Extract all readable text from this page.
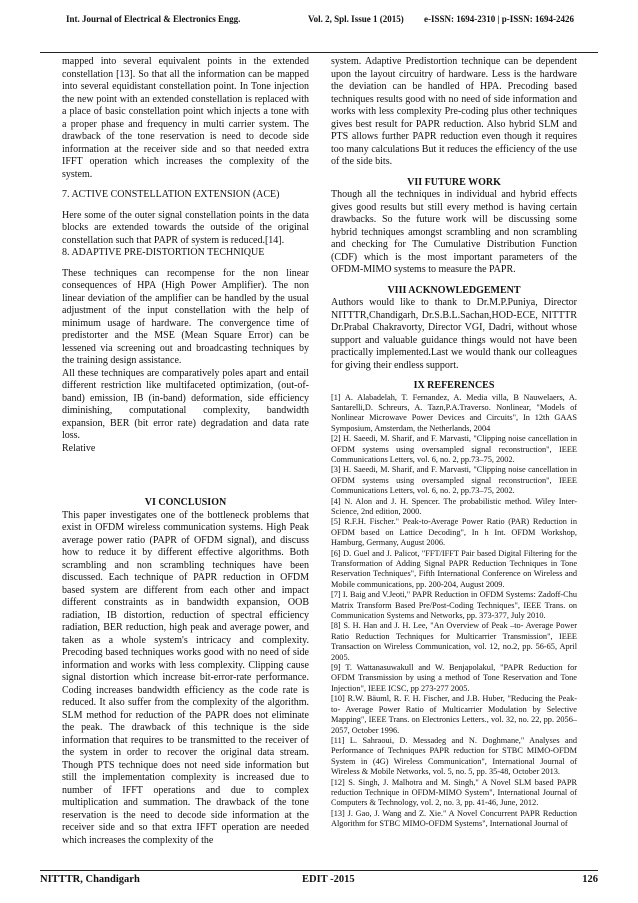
Int. Journal of Electrical & Electronics Engg.	Vol. 2, Spl. Issue 1 (2015) e-ISSN: 1694-2310 | p-ISSN: 1694-2426

mapped into several equivalent points in the extended constellation [13]. So that all the information can be mapped into several equidistant constellation point. In Tone injection the new point with an extended constellation is replaced with a place of basic constellation point which injects a tone with a proper phase and frequency in multi carrier system. The drawback of the tone reservation is need to decode side information at the receiver side and so that needed extra IFFT operation which increases the complexity of the system.

7. ACTIVE CONSTELLATION EXTENSION (ACE)

Here some of the outer signal constellation points in the data blocks are extended towards the outside of the original constellation such that PAPR of system is reduced.[14].

8. ADAPTIVE PRE-DISTORTION TECHNIQUE

These techniques can recompense for the non linear consequences of HPA (High Power Amplifier). The non linear deviation of the amplifier can be handled by the usual adjustment of the input constellation with the help of minimum usage of hardware. The convergence time of predistorter and the MSE (Mean Square Error) can be lessened via screening out and broadcasting techniques by the training design assistance.

All these techniques are comparatively poles apart and entail different restriction like multifaceted optimization, (out-of-band) emission, IB (in-band) deformation, side efficiency diminishing, computational complexity, bandwidth expansion, BER (bit error rate) degradation and data rate loss.

Relative

VI CONCLUSION

This paper investigates one of the bottleneck problems that exist in OFDM wireless communication systems. High Peak average power ratio (PAPR of OFDM signal), and discuss how to reduce it by different effective algorithms. Both scrambling and non scrambling techniques have been discussed. Each technique of PAPR reduction in OFDM based system are different from each other and impact different constraints as in bandwidth expansion, OOB radiation, IB distortion, reduction of spectral efficiency radiation, BER reduction, high peak and average power, and taken as a whole system's intricacy and complexity. Precoding based techniques works good with no need of side information and works with less complexity. Clipping cause signal distortion which increase bit-error-rate performance. Coding increases bandwidth efficiency as the code rate is reduced. It also suffer from the complexity of the algorithm. SLM method for reduction of the PAPR does not eliminate the peak. The drawback of this technique is the side information that requires to be transmitted to the receiver of the system in order to recover the original data stream. Though PTS technique does not need side information but still the implementation complexity is increased due to number of IFFT operations and due to complex multiplication and summation. The drawback of the tone reservation is the need to decode side information at the receiver side and so that extra IFFT operation are needed which increases the complexity of the

system. Adaptive Predistortion technique can be dependent upon the layout circuitry of hardware. Less is the hardware the deviation can be handled of HPA. Precoding based techniques results good with no need of side information and works with less complexity Pre-coding plus other techniques gives best result for PAPR reduction. Also hybrid SLM and PTS allows further PAPR reduction even though it requires too many calculations But it reduces the efficiency of the use of the side bits.

VII FUTURE WORK

Though all the techniques in individual and hybrid effects gives good results but still every method is having certain drawbacks. So the future work will be discussing some hybrid techniques amongst scrambling and non scrambling and checking for The Cumulative Distribution Function (CDF) which is the most important parameters of the OFDM-MIMO systems to measure the PAPR.

VIII ACKNOWLEDGEMENT

Authors would like to thank to Dr.M.P.Puniya, Director NITTTR,Chandigarh, Dr.S.B.L.Sachan,HOD-ECE, NITTTR Dr.Prabal Chakravorty, Director VGI, Dadri, without whose support and valuable guidance things would not have been practically implemented.Last we would thank our colleagues for giving their endless support.

IX REFERENCES

[1] A. Alabadelah, T. Fernandez, A. Media villa, B Nauwelaers, A. Santarelli,D. Schreurs, A. Tazn,P.A.Traverso. Nonlinear, "Models of Nonlinear Microwave Power Devices and Circuits", In 12th GAAS Symposium, Amsterdam, the Netherlands, 2004

[2] H. Saeedi, M. Sharif, and F. Marvasti, "Clipping noise cancellation in OFDM systems using oversampled signal reconstruction", IEEE Communications Letters, vol. 6, no. 2, pp.73–75, 2002.

[3] H. Saeedi, M. Sharif, and F. Marvasti, "Clipping noise cancellation in OFDM systems using oversampled signal reconstruction", IEEE Communications Letters, vol. 6, no. 2, pp.73–75, 2002.

[4] N. Alon and J. H. Spencer. The probabilistic method. Wiley Inter-Science, 2nd edition, 2000.

[5] R.F.H. Fischer." Peak-to-Average Power Ratio (PAR) Reduction in OFDM based on Lattice Decoding", In h Int. OFDM Workshop, Hamburg, Germany, August 2006.

[6] D. Guel and J. Palicot, "FFT/IFFT Pair based Digital Filtering for the Transformation of Adding Signal PAPR Reduction Techniques in Tone Reservation Techniques", Fifth International Conference on Wireless and Mobile communications, pp. 200-204, August 2009.

[7] I. Baig and V.Jeoti," PAPR Reduction in OFDM Systems: Zadoff-Chu Matrix Transform Based Pre/Post-Coding Techniques", IEEE Trans. on Communication Systems and Networks, pp. 373-377, July 2010.

[8] S. H. Han and J. H. Lee, "An Overview of Peak –to- Average Power Ratio Reduction Techniques for Multicarrier Transmission", IEEE Transaction on Wireless Communication, vol. 12, no.2, pp. 56-65, April 2005.

[9] T. Wattanasuwakull and W. Benjapolakul, "PAPR Reduction for OFDM Transmission by using a method of Tone Reservation and Tone Injection", IEEE ICSC, pp 273-277 2005.

[10] R.W. Bäuml, R. F. H. Fischer, and J.B. Huber, "Reducing the Peak-to- Average Power Ratio of Multicarrier Modulation by Selective Mapping", IEEE Trans. on Electronics Letters., vol. 32, no. 22, pp. 2056–2057, October 1996.

[11] L. Sahraoui, D. Messadeg and N. Doghmane," Analyses and Performance of Techniques PAPR reduction for STBC MIMO-OFDM System in (4G) Wireless Communication", International Journal of Wireless & Mobile Networks, vol. 5, no. 5, pp. 35-48, October 2013.

[12] S. Singh, J. Malhotra and M. Singh," A Novel SLM based PAPR reduction Technique in OFDM-MIMO System", International Journal of Computers & Technology, vol. 2, no. 3, pp. 41-46, June, 2012.

[13] J. Gao, J. Wang and Z. Xie." A Novel Concurrent PAPR Reduction Algorithm for STBC MIMO-OFDM Systems", International Journal of

NITTTR, Chandigarh	EDIT -2015	126
